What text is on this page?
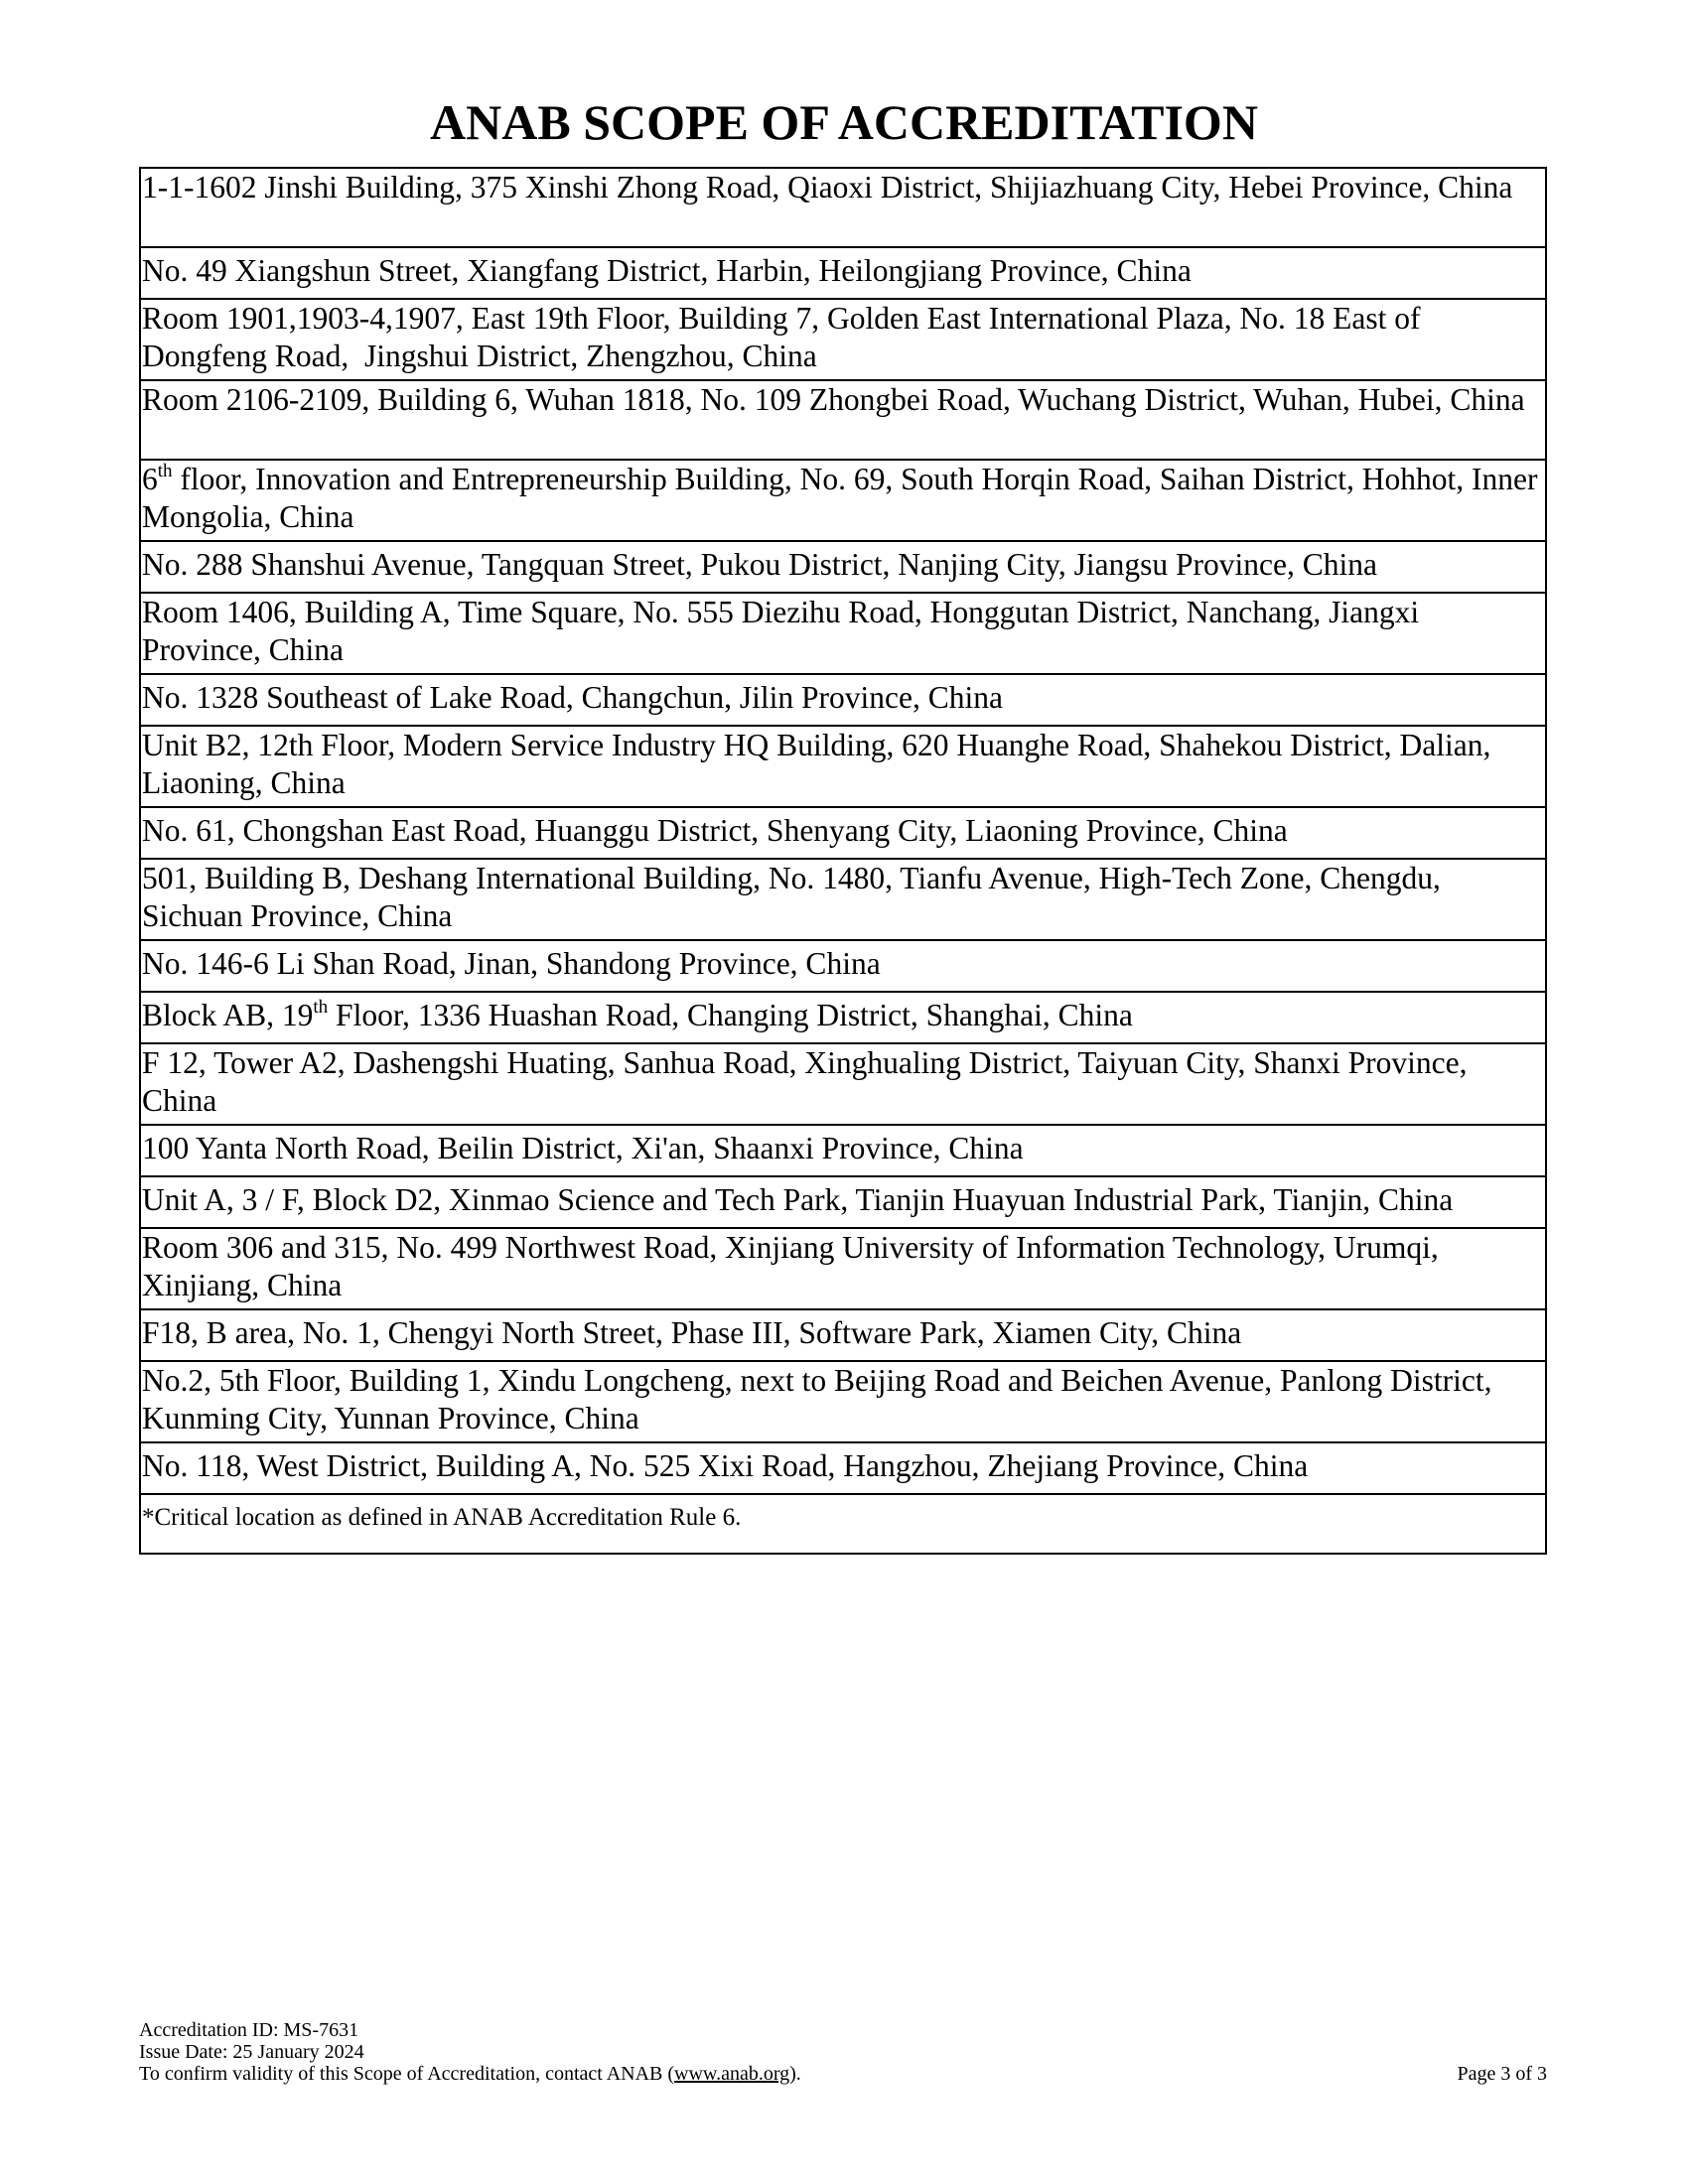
ANAB SCOPE OF ACCREDITATION
1-1-1602 Jinshi Building, 375 Xinshi Zhong Road, Qiaoxi District, Shijiazhuang City, Hebei Province, China
No. 49 Xiangshun Street, Xiangfang District, Harbin, Heilongjiang Province, China
Room 1901,1903-4,1907, East 19th Floor, Building 7, Golden East International Plaza, No. 18 East of Dongfeng Road,  Jingshui District, Zhengzhou, China
Room 2106-2109, Building 6, Wuhan 1818, No. 109 Zhongbei Road, Wuchang District, Wuhan, Hubei, China
6th floor, Innovation and Entrepreneurship Building, No. 69, South Horqin Road, Saihan District, Hohhot, Inner Mongolia, China
No. 288 Shanshui Avenue, Tangquan Street, Pukou District, Nanjing City, Jiangsu Province, China
Room 1406, Building A, Time Square, No. 555 Diezihu Road, Honggutan District, Nanchang, Jiangxi Province, China
No. 1328 Southeast of Lake Road, Changchun, Jilin Province, China
Unit B2, 12th Floor, Modern Service Industry HQ Building, 620 Huanghe Road, Shahekou District, Dalian, Liaoning, China
No. 61, Chongshan East Road, Huanggu District, Shenyang City, Liaoning Province, China
501, Building B, Deshang International Building, No. 1480, Tianfu Avenue, High-Tech Zone, Chengdu, Sichuan Province, China
No. 146-6 Li Shan Road, Jinan, Shandong Province, China
Block AB, 19th Floor, 1336 Huashan Road, Changing District, Shanghai, China
F 12, Tower A2, Dashengshi Huating, Sanhua Road, Xinghualing District, Taiyuan City, Shanxi Province, China
100 Yanta North Road, Beilin District, Xi'an, Shaanxi Province, China
Unit A, 3 / F, Block D2, Xinmao Science and Tech Park, Tianjin Huayuan Industrial Park, Tianjin, China
Room 306 and 315, No. 499 Northwest Road, Xinjiang University of Information Technology, Urumqi, Xinjiang, China
F18, B area, No. 1, Chengyi North Street, Phase III, Software Park, Xiamen City, China
No.2, 5th Floor, Building 1, Xindu Longcheng, next to Beijing Road and Beichen Avenue, Panlong District, Kunming City, Yunnan Province, China
No. 118, West District, Building A, No. 525 Xixi Road, Hangzhou, Zhejiang Province, China
*Critical location as defined in ANAB Accreditation Rule 6.
Accreditation ID: MS-7631
Issue Date: 25 January 2024
To confirm validity of this Scope of Accreditation, contact ANAB (www.anab.org).	Page 3 of 3
